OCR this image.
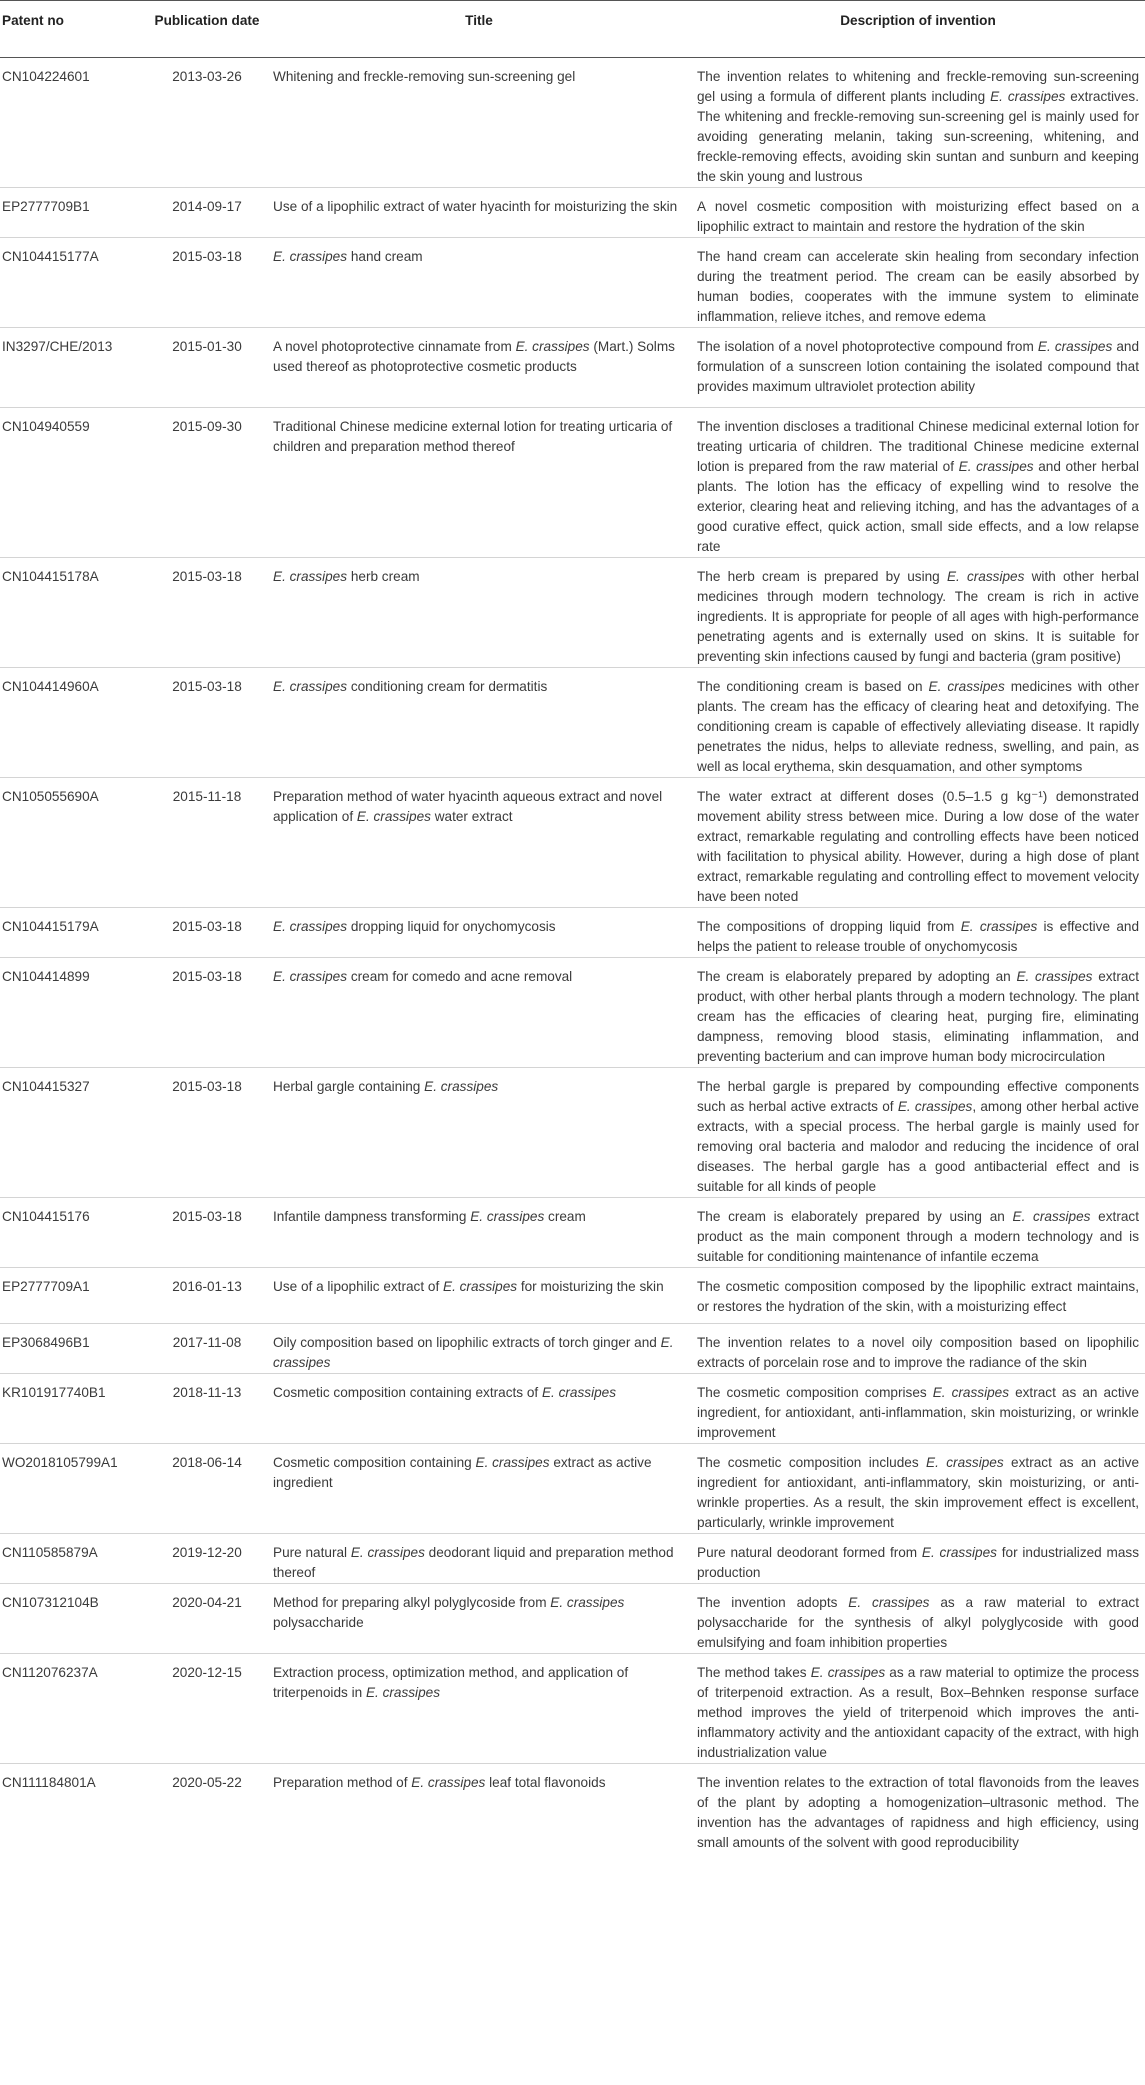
Patent no	Publication date	Title	Description of invention
CN104224601	2013-03-26	Whitening and freckle-removing sun-screening gel	The invention relates to whitening and freckle-removing sun-screening gel using a formula of different plants including E. crassipes extractives. The whitening and freckle-removing sun-screening gel is mainly used for avoiding generating melanin, taking sun-screening, whitening, and freckle-removing effects, avoiding skin suntan and sunburn and keeping the skin young and lustrous
EP2777709B1	2014-09-17	Use of a lipophilic extract of water hyacinth for moisturizing the skin	A novel cosmetic composition with moisturizing effect based on a lipophilic extract to maintain and restore the hydration of the skin
CN104415177A	2015-03-18	E. crassipes hand cream	The hand cream can accelerate skin healing from secondary infection during the treatment period. The cream can be easily absorbed by human bodies, cooperates with the immune system to eliminate inflammation, relieve itches, and remove edema
IN3297/CHE/2013	2015-01-30	A novel photoprotective cinnamate from E. crassipes (Mart.) Solms used thereof as photoprotective cosmetic products	The isolation of a novel photoprotective compound from E. crassipes and formulation of a sunscreen lotion containing the isolated compound that provides maximum ultraviolet protection ability
CN104940559	2015-09-30	Traditional Chinese medicine external lotion for treating urticaria of children and preparation method thereof	The invention discloses a traditional Chinese medicinal external lotion for treating urticaria of children. The traditional Chinese medicine external lotion is prepared from the raw material of E. crassipes and other herbal plants. The lotion has the efficacy of expelling wind to resolve the exterior, clearing heat and relieving itching, and has the advantages of a good curative effect, quick action, small side effects, and a low relapse rate
CN104415178A	2015-03-18	E. crassipes herb cream	The herb cream is prepared by using E. crassipes with other herbal medicines through modern technology. The cream is rich in active ingredients. It is appropriate for people of all ages with high-performance penetrating agents and is externally used on skins. It is suitable for preventing skin infections caused by fungi and bacteria (gram positive)
CN104414960A	2015-03-18	E. crassipes conditioning cream for dermatitis	The conditioning cream is based on E. crassipes medicines with other plants. The cream has the efficacy of clearing heat and detoxifying. The conditioning cream is capable of effectively alleviating disease. It rapidly penetrates the nidus, helps to alleviate redness, swelling, and pain, as well as local erythema, skin desquamation, and other symptoms
CN105055690A	2015-11-18	Preparation method of water hyacinth aqueous extract and novel application of E. crassipes water extract	The water extract at different doses (0.5–1.5 g kg⁻¹) demonstrated movement ability stress between mice. During a low dose of the water extract, remarkable regulating and controlling effects have been noticed with facilitation to physical ability. However, during a high dose of plant extract, remarkable regulating and controlling effect to movement velocity have been noted
CN104415179A	2015-03-18	E. crassipes dropping liquid for onychomycosis	The compositions of dropping liquid from E. crassipes is effective and helps the patient to release trouble of onychomycosis
CN104414899	2015-03-18	E. crassipes cream for comedo and acne removal	The cream is elaborately prepared by adopting an E. crassipes extract product, with other herbal plants through a modern technology. The plant cream has the efficacies of clearing heat, purging fire, eliminating dampness, removing blood stasis, eliminating inflammation, and preventing bacterium and can improve human body microcirculation
CN104415327	2015-03-18	Herbal gargle containing E. crassipes	The herbal gargle is prepared by compounding effective components such as herbal active extracts of E. crassipes, among other herbal active extracts, with a special process. The herbal gargle is mainly used for removing oral bacteria and malodor and reducing the incidence of oral diseases. The herbal gargle has a good antibacterial effect and is suitable for all kinds of people
CN104415176	2015-03-18	Infantile dampness transforming E. crassipes cream	The cream is elaborately prepared by using an E. crassipes extract product as the main component through a modern technology and is suitable for conditioning maintenance of infantile eczema
EP2777709A1	2016-01-13	Use of a lipophilic extract of E. crassipes for moisturizing the skin	The cosmetic composition composed by the lipophilic extract maintains, or restores the hydration of the skin, with a moisturizing effect
EP3068496B1	2017-11-08	Oily composition based on lipophilic extracts of torch ginger and E. crassipes	The invention relates to a novel oily composition based on lipophilic extracts of porcelain rose and to improve the radiance of the skin
KR101917740B1	2018-11-13	Cosmetic composition containing extracts of E. crassipes	The cosmetic composition comprises E. crassipes extract as an active ingredient, for antioxidant, anti-inflammation, skin moisturizing, or wrinkle improvement
WO2018105799A1	2018-06-14	Cosmetic composition containing E. crassipes extract as active ingredient	The cosmetic composition includes E. crassipes extract as an active ingredient for antioxidant, anti-inflammatory, skin moisturizing, or anti-wrinkle properties. As a result, the skin improvement effect is excellent, particularly, wrinkle improvement
CN110585879A	2019-12-20	Pure natural E. crassipes deodorant liquid and preparation method thereof	Pure natural deodorant formed from E. crassipes for industrialized mass production
CN107312104B	2020-04-21	Method for preparing alkyl polyglycoside from E. crassipes polysaccharide	The invention adopts E. crassipes as a raw material to extract polysaccharide for the synthesis of alkyl polyglycoside with good emulsifying and foam inhibition properties
CN112076237A	2020-12-15	Extraction process, optimization method, and application of triterpenoids in E. crassipes	The method takes E. crassipes as a raw material to optimize the process of triterpenoid extraction. As a result, Box–Behnken response surface method improves the yield of triterpenoid which improves the anti-inflammatory activity and the antioxidant capacity of the extract, with high industrialization value
CN111184801A	2020-05-22	Preparation method of E. crassipes leaf total flavonoids	The invention relates to the extraction of total flavonoids from the leaves of the plant by adopting a homogenization–ultrasonic method. The invention has the advantages of rapidness and high efficiency, using small amounts of the solvent with good reproducibility
